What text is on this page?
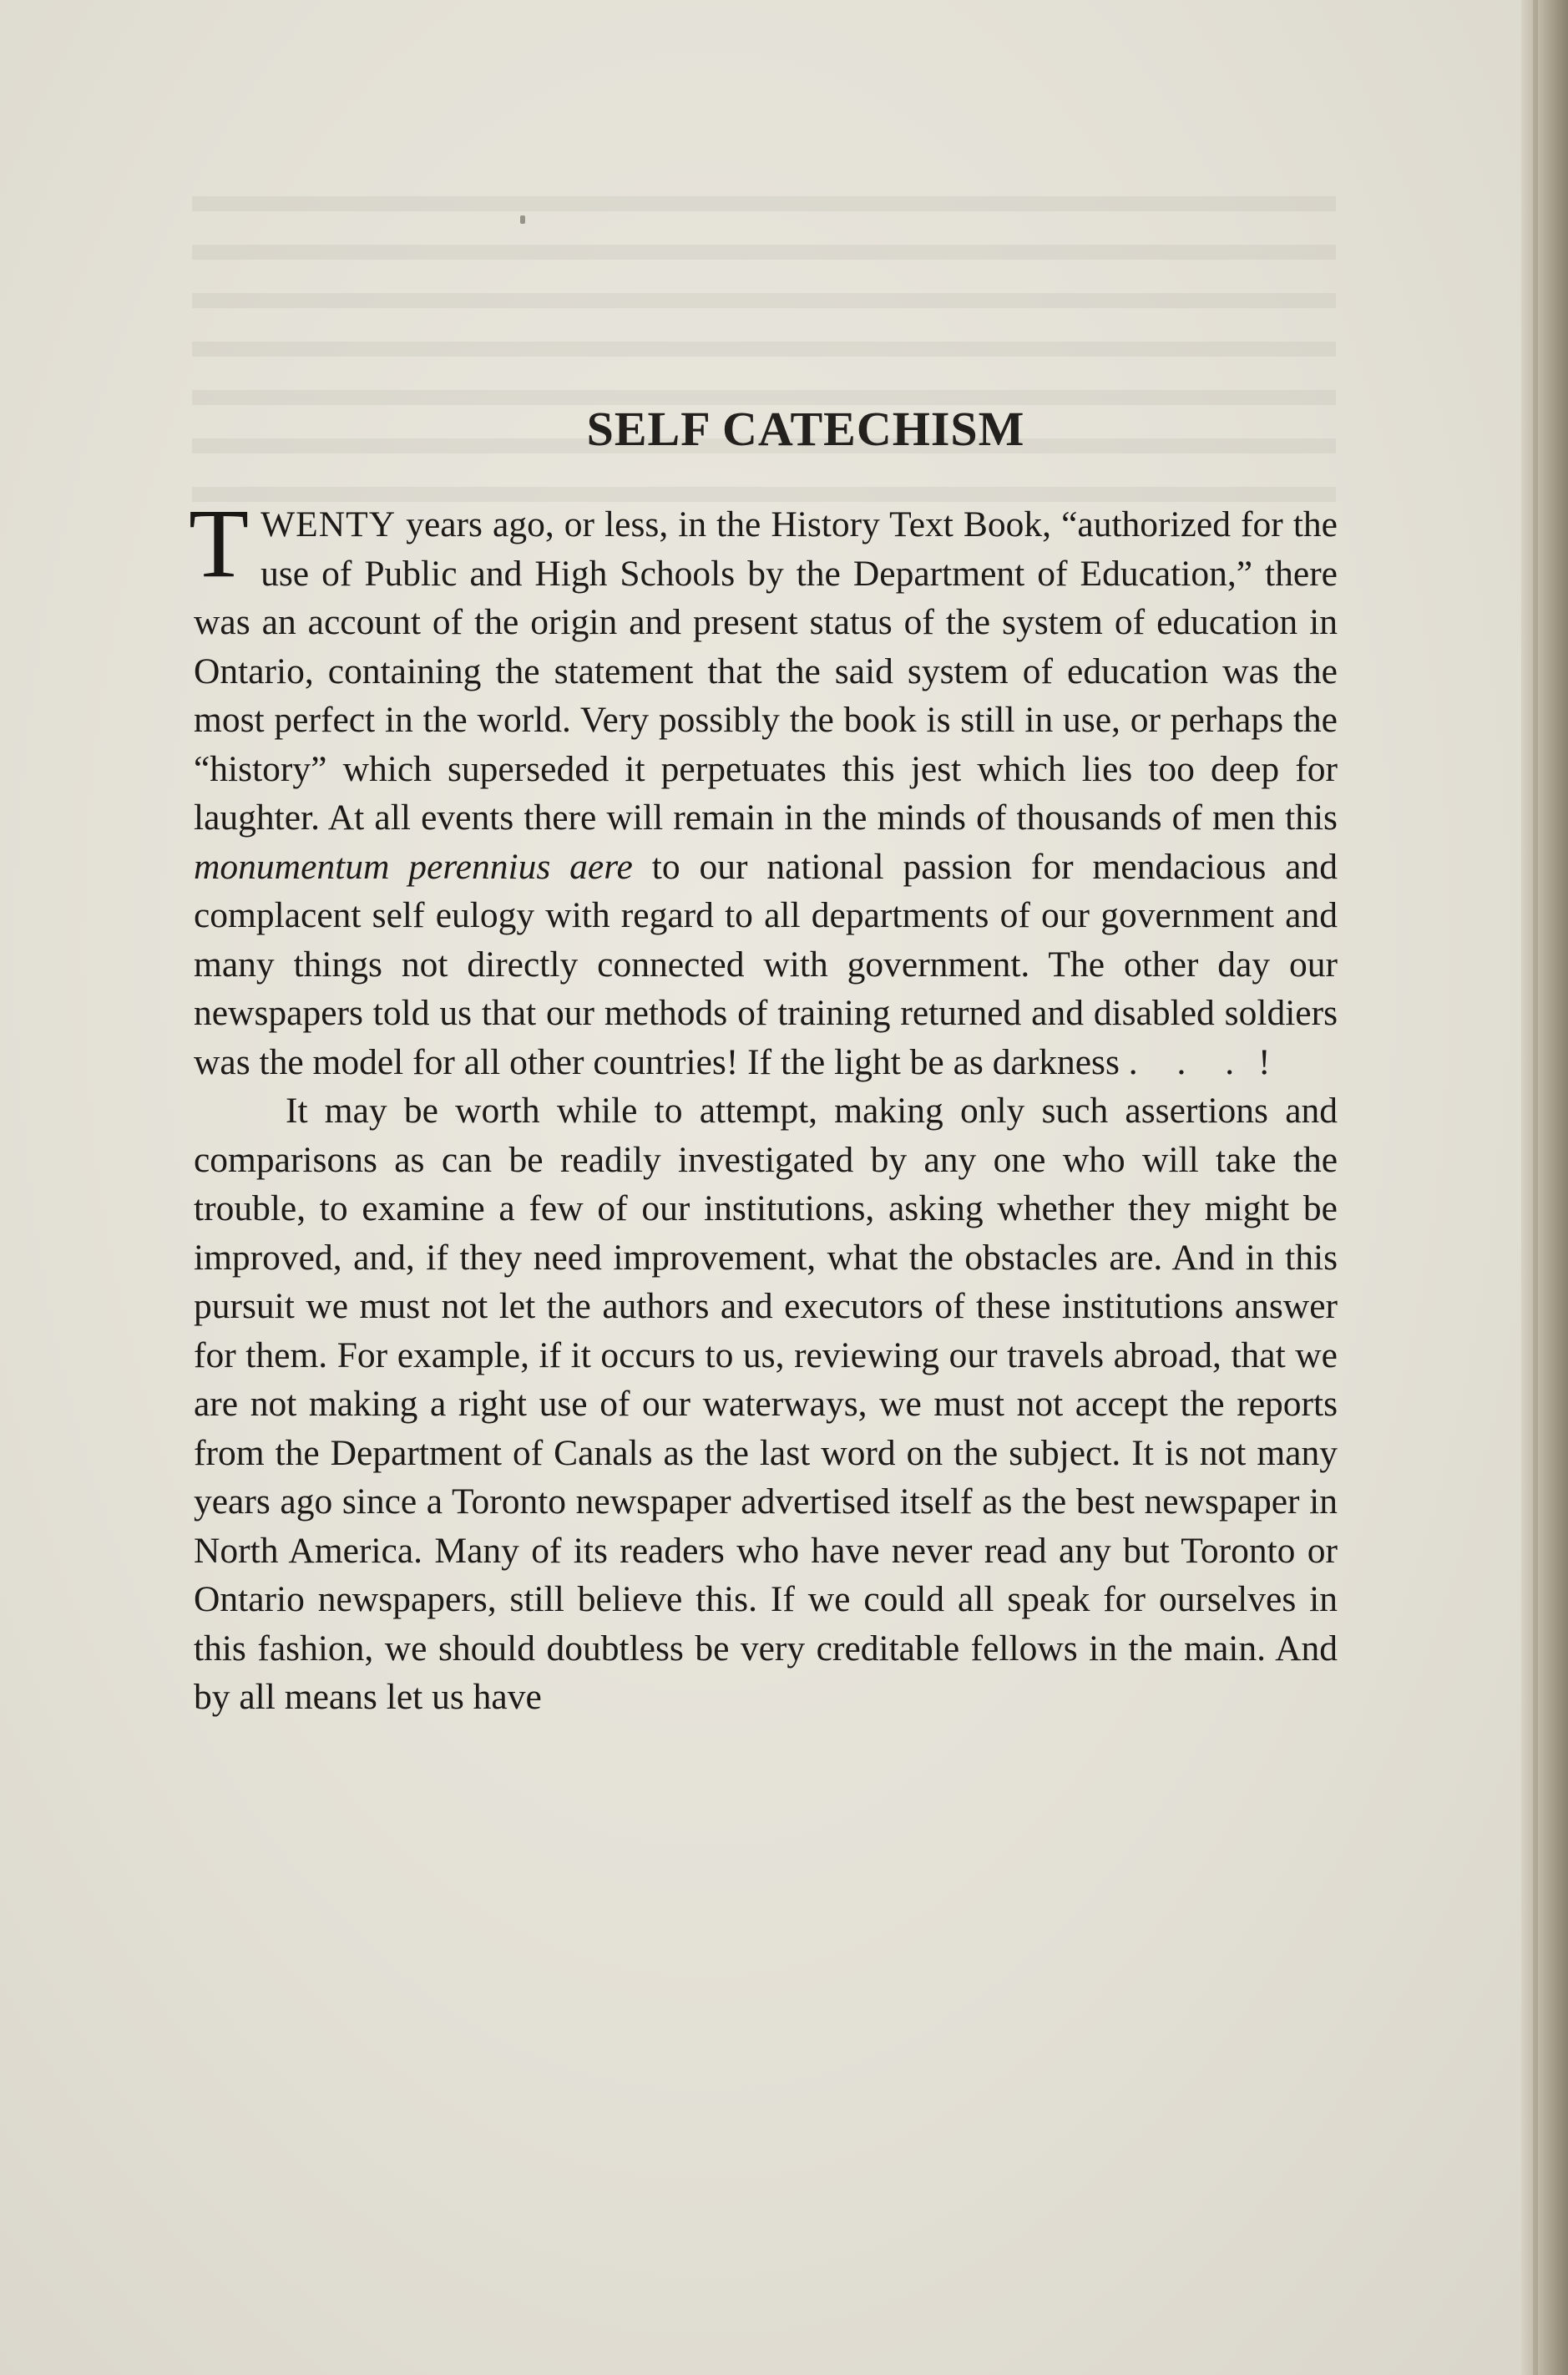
SELF CATECHISM

TWENTY years ago, or less, in the History Text Book, “authorized for the use of Public and High Schools by the Department of Education,” there was an account of the origin and present status of the system of education in Ontario, containing the statement that the said system of education was the most perfect in the world. Very possibly the book is still in use, or perhaps the “history” which superseded it perpetuates this jest which lies too deep for laughter. At all events there will remain in the minds of thousands of men this monumentum perennius aere to our national passion for mendacious and complacent self eulogy with regard to all departments of our government and many things not directly connected with government. The other day our newspapers told us that our methods of training returned and disabled soldiers was the model for all other countries! If the light be as darkness . . . !

It may be worth while to attempt, making only such assertions and comparisons as can be readily investigated by any one who will take the trouble, to examine a few of our institutions, asking whether they might be improved, and, if they need improvement, what the obstacles are. And in this pursuit we must not let the authors and executors of these institutions answer for them. For example, if it occurs to us, reviewing our travels abroad, that we are not making a right use of our waterways, we must not accept the reports from the Department of Canals as the last word on the subject. It is not many years ago since a Toronto newspaper advertised itself as the best newspaper in North America. Many of its readers who have never read any but Toronto or Ontario newspapers, still believe this. If we could all speak for ourselves in this fashion, we should doubtless be very creditable fellows in the main. And by all means let us have
